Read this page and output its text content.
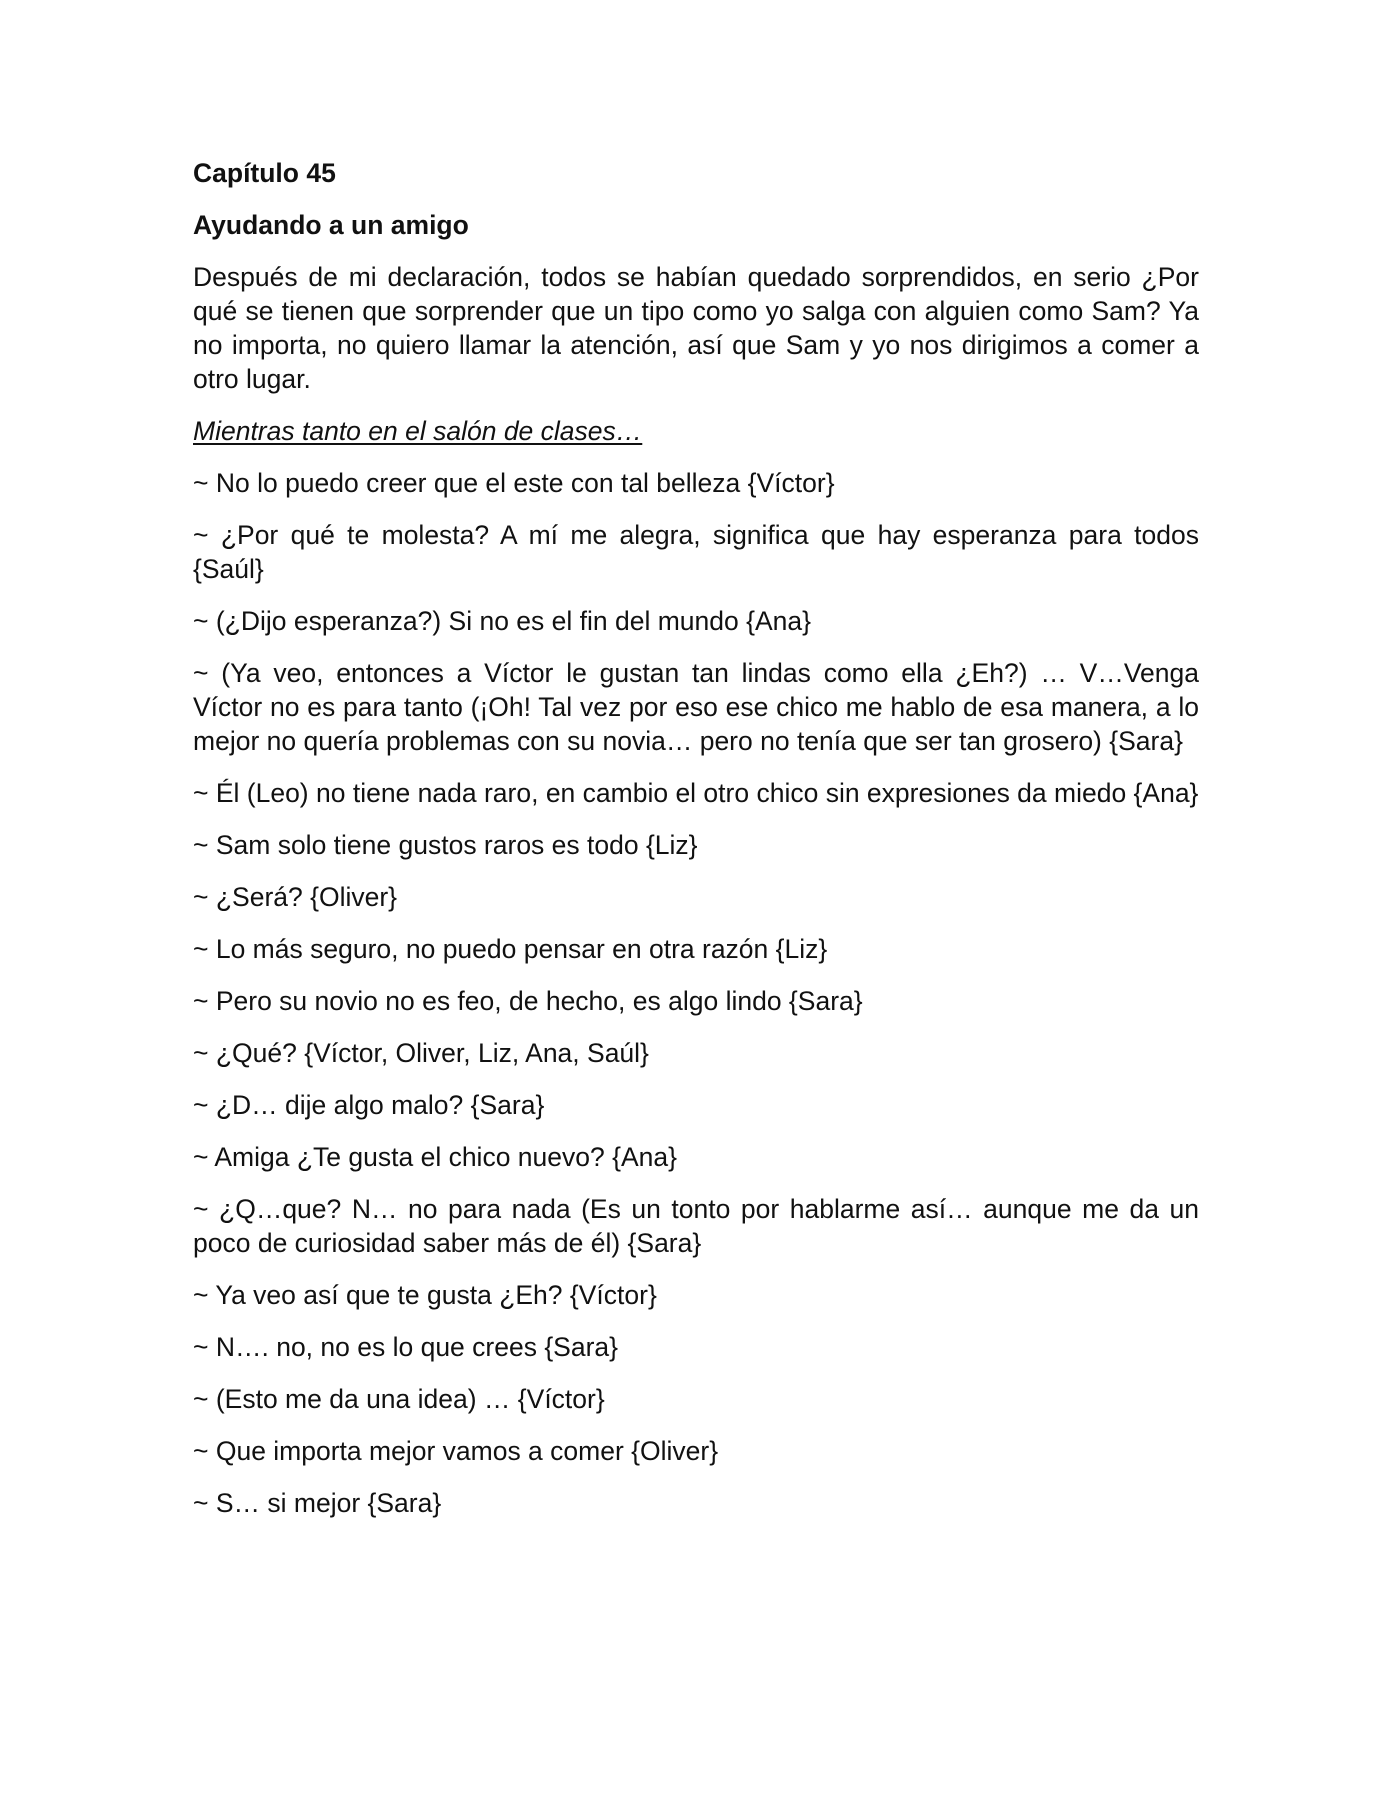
Capítulo 45
Ayudando a un amigo

Después de mi declaración, todos se habían quedado sorprendidos, en serio ¿Por qué se tienen que sorprender que un tipo como yo salga con alguien como Sam? Ya no importa, no quiero llamar la atención, así que Sam y yo nos dirigimos a comer a otro lugar.

Mientras tanto en el salón de clases…
~ No lo puedo creer que el este con tal belleza {Víctor}
~ ¿Por qué te molesta? A mí me alegra, significa que hay esperanza para todos {Saúl}
~ (¿Dijo esperanza?) Si no es el fin del mundo {Ana}
~ (Ya veo, entonces a Víctor le gustan tan lindas como ella ¿Eh?) … V…Venga Víctor no es para tanto (¡Oh! Tal vez por eso ese chico me hablo de esa manera, a lo mejor no quería problemas con su novia… pero no tenía que ser tan grosero) {Sara}
~ Él (Leo) no tiene nada raro, en cambio el otro chico sin expresiones da miedo {Ana}
~ Sam solo tiene gustos raros es todo {Liz}
~ ¿Será? {Oliver}
~ Lo más seguro, no puedo pensar en otra razón {Liz}
~ Pero su novio no es feo, de hecho, es algo lindo {Sara}
~ ¿Qué? {Víctor, Oliver, Liz, Ana, Saúl}
~ ¿D… dije algo malo? {Sara}
~ Amiga ¿Te gusta el chico nuevo? {Ana}
~ ¿Q…que? N… no para nada (Es un tonto por hablarme así… aunque me da un poco de curiosidad saber más de él) {Sara}
~ Ya veo así que te gusta ¿Eh? {Víctor}
~ N…. no, no es lo que crees {Sara}
~ (Esto me da una idea) … {Víctor}
~ Que importa mejor vamos a comer {Oliver}
~ S… si mejor {Sara}
